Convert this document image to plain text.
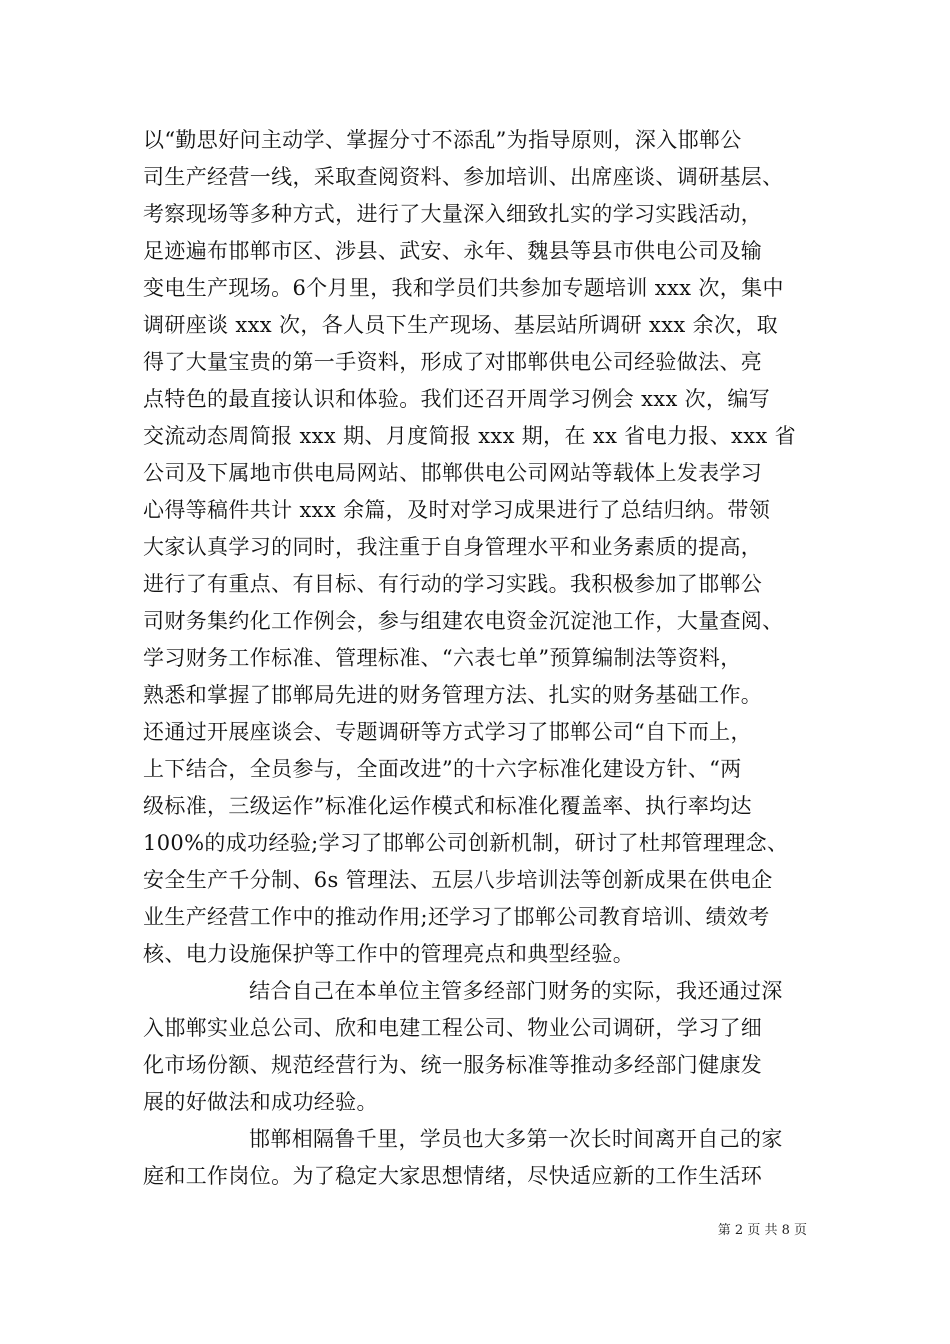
以“勤思好问主动学、掌握分寸不添乱”为指导原则，深入邯郸公
司生产经营一线，采取查阅资料、参加培训、出席座谈、调研基层、
考察现场等多种方式，进行了大量深入细致扎实的学习实践活动，
足迹遍布邯郸市区、涉县、武安、永年、魏县等县市供电公司及输
变电生产现场。6个月里，我和学员们共参加专题培训 xxx 次，集中
调研座谈 xxx 次，各人员下生产现场、基层站所调研 xxx 余次，取
得了大量宝贵的第一手资料，形成了对邯郸供电公司经验做法、亮
点特色的最直接认识和体验。我们还召开周学习例会 xxx 次，编写
交流动态周简报 xxx 期、月度简报 xxx 期，在 xx 省电力报、xxx 省
公司及下属地市供电局网站、邯郸供电公司网站等载体上发表学习
心得等稿件共计 xxx 余篇，及时对学习成果进行了总结归纳。带领
大家认真学习的同时，我注重于自身管理水平和业务素质的提高，
进行了有重点、有目标、有行动的学习实践。我积极参加了邯郸公
司财务集约化工作例会，参与组建农电资金沉淀池工作，大量查阅、
学习财务工作标准、管理标准、“六表七单”预算编制法等资料，
熟悉和掌握了邯郸局先进的财务管理方法、扎实的财务基础工作。
还通过开展座谈会、专题调研等方式学习了邯郸公司“自下而上，
上下结合，全员参与，全面改进”的十六字标准化建设方针、“两
级标准，三级运作”标准化运作模式和标准化覆盖率、执行率均达
100%的成功经验;学习了邯郸公司创新机制，研讨了杜邦管理理念、
安全生产千分制、6s 管理法、五层八步培训法等创新成果在供电企
业生产经营工作中的推动作用;还学习了邯郸公司教育培训、绩效考
核、电力设施保护等工作中的管理亮点和典型经验。
结合自己在本单位主管多经部门财务的实际，我还通过深
入邯郸实业总公司、欣和电建工程公司、物业公司调研，学习了细
化市场份额、规范经营行为、统一服务标准等推动多经部门健康发
展的好做法和成功经验。
邯郸相隔鲁千里，学员也大多第一次长时间离开自己的家
庭和工作岗位。为了稳定大家思想情绪，尽快适应新的工作生活环
第 2 页 共 8 页
